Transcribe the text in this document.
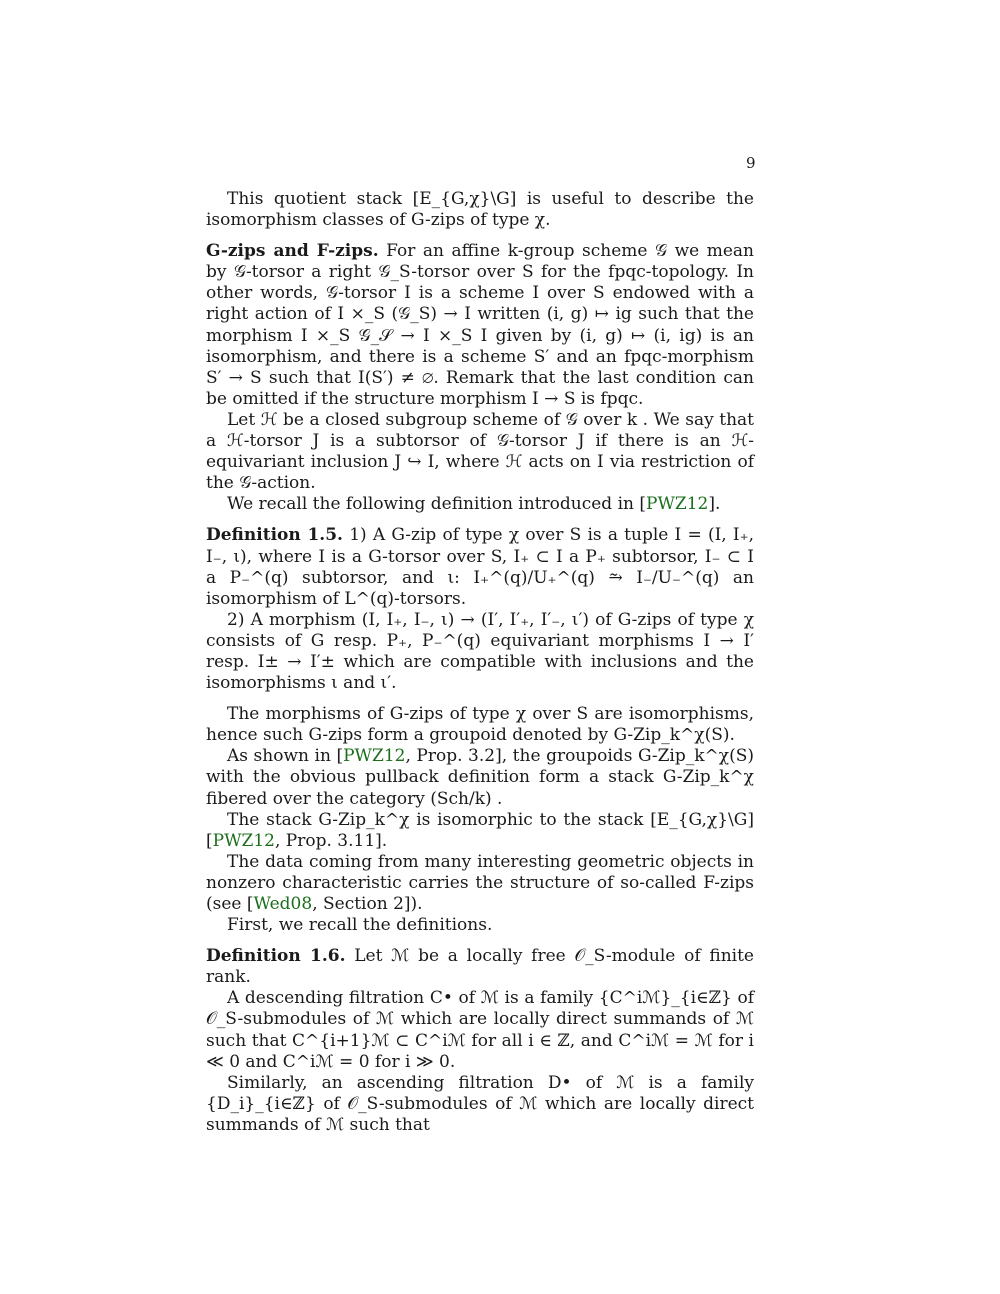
9

This quotient stack [E_{G,χ}\G] is useful to describe the isomorphism classes of G-zips of type χ.

G-zips and F-zips. For an affine k-group scheme 𝒢 we mean by 𝒢-torsor a right 𝒢_S-torsor over S for the fpqc-topology. In other words, 𝒢-torsor I is a scheme I over S endowed with a right action of I ×_S (𝒢_S) → I written (i, g) ↦ ig such that the morphism I ×_S 𝒢_𝒮 → I ×_S I given by (i, g) ↦ (i, ig) is an isomorphism, and there is a scheme S′ and an fpqc-morphism S′ → S such that I(S′) ≠ ∅. Remark that the last condition can be omitted if the structure morphism I → S is fpqc.

Let ℋ be a closed subgroup scheme of 𝒢 over k . We say that a ℋ-torsor J is a subtorsor of 𝒢-torsor J if there is an ℋ-equivariant inclusion J ↪ I, where ℋ acts on I via restriction of the 𝒢-action.

We recall the following definition introduced in [PWZ12].

Definition 1.5. 1) A G-zip of type χ over S is a tuple I = (I, I₊, I₋, ι), where I is a G-torsor over S, I₊ ⊂ I a P₊ subtorsor, I₋ ⊂ I a P₋^(q) subtorsor, and ι: I₊^(q)/U₊^(q) ⥲ I₋/U₋^(q) an isomorphism of L^(q)-torsors.

2) A morphism (I, I₊, I₋, ι) → (I′, I′₊, I′₋, ι′) of G-zips of type χ consists of G resp. P₊, P₋^(q) equivariant morphisms I → I′ resp. I± → I′± which are compatible with inclusions and the isomorphisms ι and ι′.

The morphisms of G-zips of type χ over S are isomorphisms, hence such G-zips form a groupoid denoted by G-Zip_k^χ(S).

As shown in [PWZ12, Prop. 3.2], the groupoids G-Zip_k^χ(S) with the obvious pullback definition form a stack G-Zip_k^χ fibered over the category (Sch/k) .

The stack G-Zip_k^χ is isomorphic to the stack [E_{G,χ}\G] [PWZ12, Prop. 3.11].

The data coming from many interesting geometric objects in nonzero characteristic carries the structure of so-called F-zips (see [Wed08, Section 2]).

First, we recall the definitions.

Definition 1.6. Let ℳ be a locally free 𝒪_S-module of finite rank.

A descending filtration C• of ℳ is a family {C^iℳ}_{i∈ℤ} of 𝒪_S-submodules of ℳ which are locally direct summands of ℳ such that C^{i+1}ℳ ⊂ C^iℳ for all i ∈ ℤ, and C^iℳ = ℳ for i ≪ 0 and C^iℳ = 0 for i ≫ 0.

Similarly, an ascending filtration D• of ℳ is a family {D_i}_{i∈ℤ} of 𝒪_S-submodules of ℳ which are locally direct summands of ℳ such that
